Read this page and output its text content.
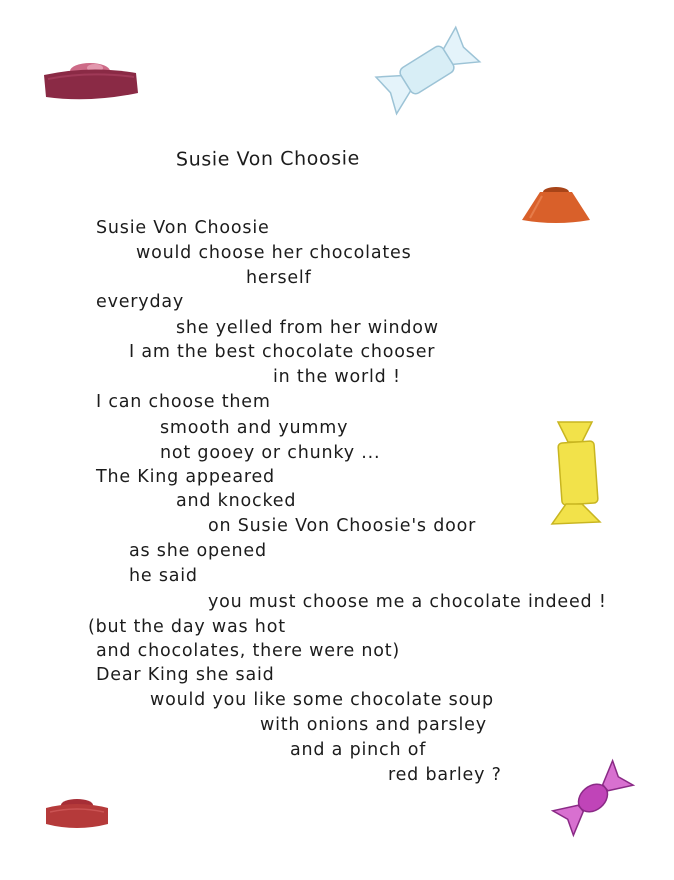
Susie Von Choosie
Susie Von Choosie
would choose her chocolates
herself
everyday
she yelled from her window
I am the best chocolate chooser
in the world !
I can choose them
smooth and yummy
not gooey or chunky ...
The King appeared
and knocked
on Susie Von Choosie's door
as she opened
he said
you must choose me a chocolate indeed !
(but the day was hot
and chocolates, there were not)
Dear King she said
would you like some chocolate soup
with onions and parsley
and a pinch of
red barley ?
